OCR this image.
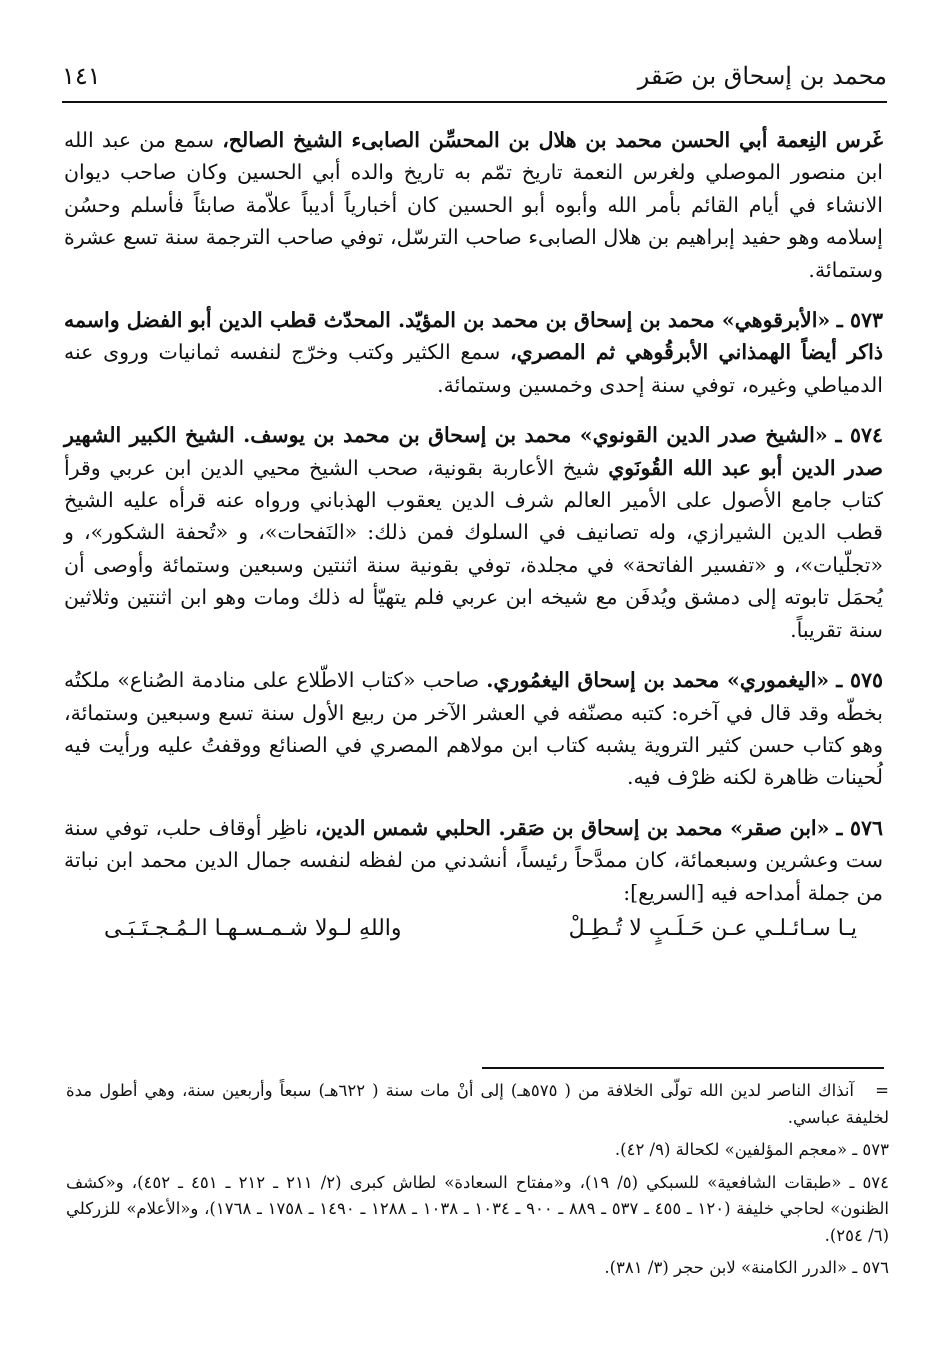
محمد بن إسحاق بن صَقر
١٤١

غَرس النِعمة أبي الحسن محمد بن هلال بن المحسِّن الصابىء الشيخ الصالح، سمع من عبد الله ابن منصور الموصلي ولغرس النعمة تاريخ تمّم به تاريخ والده أبي الحسين وكان صاحب ديوان الانشاء في أيام القائم بأمر الله وأبوه أبو الحسين كان أخبارياً أديباً علاّمة صابئاً فأسلم وحسُن إسلامه وهو حفيد إبراهيم بن هلال الصابىء صاحب الترسّل، توفي صاحب الترجمة سنة تسع عشرة وستمائة.

٥٧٣ ـ «الأبرقوهي» محمد بن إسحاق بن محمد بن المؤيّد. المحدّث قطب الدين أبو الفضل واسمه ذاكر أيضاً الهمذاني الأبرقُوهي ثم المصري، سمع الكثير وكتب وخرّج لنفسه ثمانيات وروى عنه الدمياطي وغيره، توفي سنة إحدى وخمسين وستمائة.

٥٧٤ ـ «الشيخ صدر الدين القونوي» محمد بن إسحاق بن محمد بن يوسف. الشيخ الكبير الشهير صدر الدين أبو عبد الله القُونَوي شيخ الأعاربة بقونية، صحب الشيخ محيي الدين ابن عربي وقرأ كتاب جامع الأصول على الأمير العالم شرف الدين يعقوب الهذباني ورواه عنه قرأه عليه الشيخ قطب الدين الشيرازي، وله تصانيف في السلوك فمن ذلك: «النَفحات»، و «تُحفة الشكور»، و «تجلّيات»، و «تفسير الفاتحة» في مجلدة، توفي بقونية سنة اثنتين وسبعين وستمائة وأوصى أن يُحمَل تابوته إلى دمشق ويُدفَن مع شيخه ابن عربي فلم يتهيّأ له ذلك ومات وهو ابن اثنتين وثلاثين سنة تقريباً.

٥٧٥ ـ «اليغموري» محمد بن إسحاق اليغمُوري. صاحب «كتاب الاطّلاع على منادمة الصُناع» ملكتُه بخطّه وقد قال في آخره: كتبه مصنّفه في العشر الآخر من ربيع الأول سنة تسع وسبعين وستمائة، وهو كتاب حسن كثير التروية يشبه كتاب ابن مولاهم المصري في الصنائع ووقفتُ عليه ورأيت فيه لُحينات ظاهرة لكنه ظرْف فيه.

٥٧٦ ـ «ابن صقر» محمد بن إسحاق بن صَقر. الحلبي شمس الدين، ناظِر أوقاف حلب، توفي سنة ست وعشرين وسبعمائة، كان ممدَّحاً رئيساً، أنشدني من لفظه لنفسه جمال الدين محمد ابن نباتة من جملة أمداحه فيه [السريع]:

يـا سـائـلـي عـن حَـلَـبٍ لا تُـطِـلْ
واللهِ لـولا شـمـسـهـا الـمُـجـتَـبَـى

=   آنذاك الناصر لدين الله تولّى الخلافة من ( ٥٧٥هـ) إلى أنْ مات سنة ( ٦٢٢هـ) سبعاً وأربعين سنة، وهي أطول مدة لخليفة عباسي.

٥٧٣ ـ «معجم المؤلفين» لكحالة (٩/ ٤٢).

٥٧٤ ـ «طبقات الشافعية» للسبكي (٥/ ١٩)، و«مفتاح السعادة» لطاش كبرى (٢/ ٢١١ ـ ٢١٢ ـ ٤٥١ ـ ٤٥٢)، و«كشف الظنون» لحاجي خليفة (١٢٠ ـ ٤٥٥ ـ ٥٣٧ ـ ٨٨٩ ـ ٩٠٠ ـ ١٠٣٤ ـ ١٠٣٨ ـ ١٢٨٨ ـ ١٤٩٠ ـ ١٧٥٨ ـ ١٧٦٨)، و«الأعلام» للزركلي (٦/ ٢٥٤).

٥٧٦ ـ «الدرر الكامنة» لابن حجر (٣/ ٣٨١).
